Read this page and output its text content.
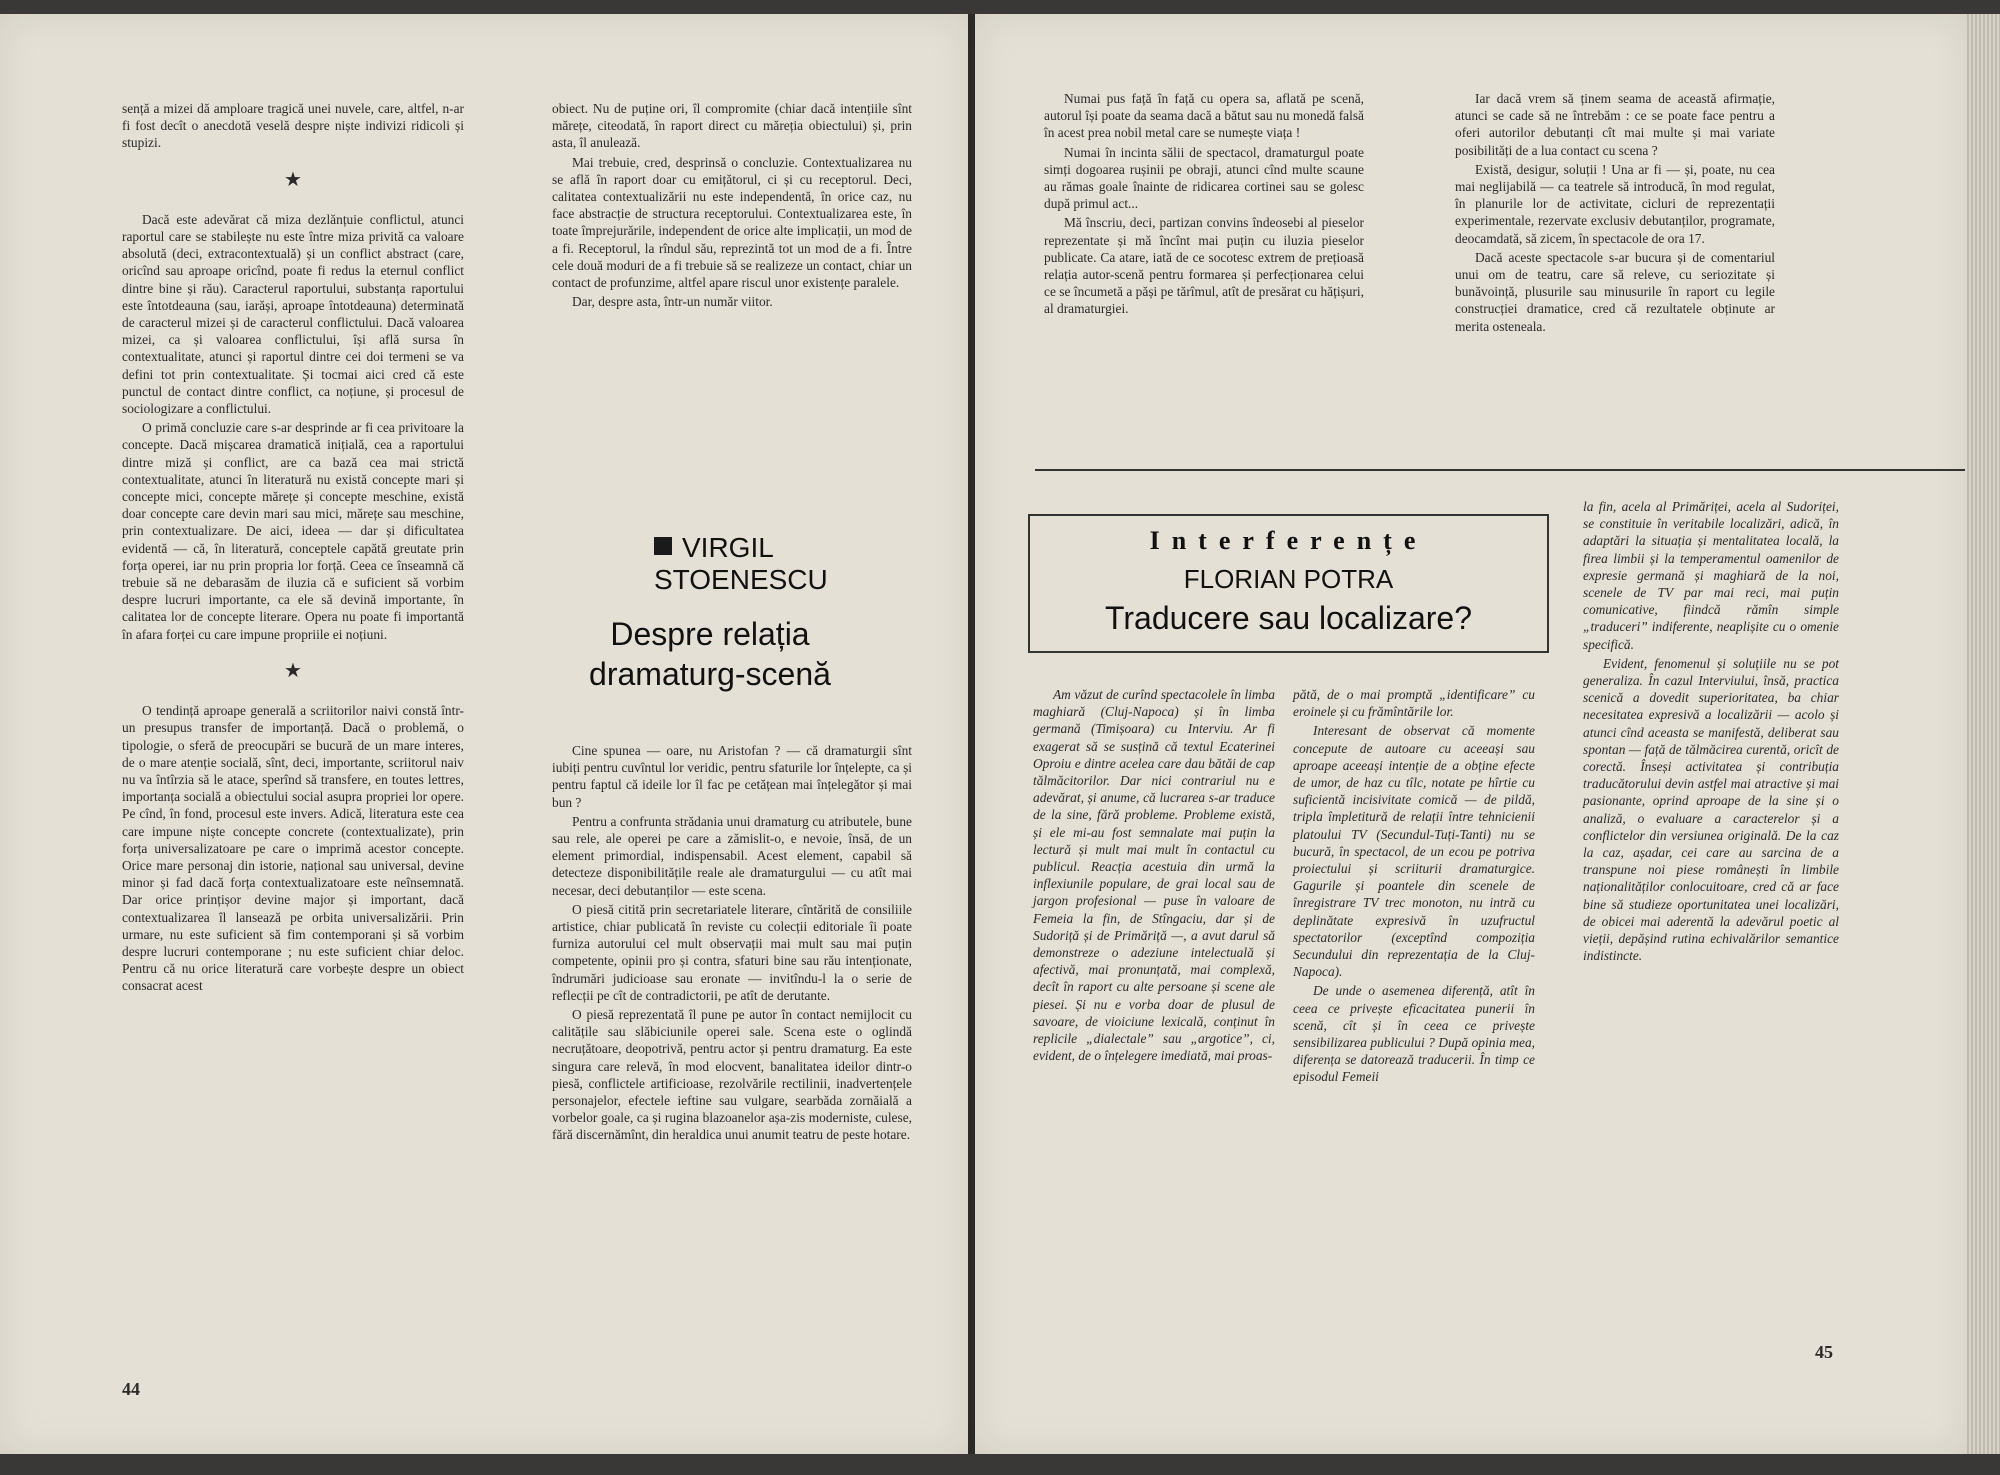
sență a mizei dă amploare tragică unei nuvele, care, altfel, n-ar fi fost decît o anecdotă veselă despre niște indivizi ridicoli și stupizi.

★

Dacă este adevărat că miza dezlănțuie conflictul, atunci raportul care se stabilește nu este între miza privită ca valoare absolută (deci, extracontextuală) și un conflict abstract (care, oricînd sau aproape oricînd, poate fi redus la eternul conflict dintre bine și rău). Caracterul raportului, substanța raportului este întotdeauna (sau, iarăși, aproape întotdeauna) determinată de caracterul mizei și de caracterul conflictului. Dacă valoarea mizei, ca și valoarea conflictului, își află sursa în contextualitate, atunci și raportul dintre cei doi termeni se va defini tot prin contextualitate. Și tocmai aici cred că este punctul de contact dintre conflict, ca noțiune, și procesul de sociologizare a conflictului.

O primă concluzie care s-ar desprinde ar fi cea privitoare la concepte. Dacă mișcarea dramatică inițială, cea a raportului dintre miză și conflict, are ca bază cea mai strictă contextualitate, atunci în literatură nu există concepte mari și concepte mici, concepte mărețe și concepte meschine, există doar concepte care devin mari sau mici, mărețe sau meschine, prin contextualizare. De aici, ideea — dar și dificultatea evidentă — că, în literatură, conceptele capătă greutate prin forța operei, iar nu prin propria lor forță. Ceea ce înseamnă că trebuie să ne debarasăm de iluzia că e suficient să vorbim despre lucruri importante, ca ele să devină importante, în calitatea lor de concepte literare. Opera nu poate fi importantă în afara forței cu care impune propriile ei noțiuni.

★

O tendință aproape generală a scriitorilor naivi constă într-un presupus transfer de importanță. Dacă o problemă, o tipologie, o sferă de preocupări se bucură de un mare interes, de o mare atenție socială, sînt, deci, importante, scriitorul naiv nu va întîrzia să le atace, sperînd să transfere, en toutes lettres, importanța socială a obiectului social asupra propriei lor opere. Pe cînd, în fond, procesul este invers. Adică, literatura este cea care impune niște concepte concrete (contextualizate), prin forța universalizatoare pe care o imprimă acestor concepte. Orice mare personaj din istorie, național sau universal, devine minor și fad dacă forța contextualizatoare este neînsemnată. Dar orice prințișor devine major și important, dacă contextualizarea îl lansează pe orbita universalizării. Prin urmare, nu este suficient să fim contemporani și să vorbim despre lucruri contemporane ; nu este suficient chiar deloc. Pentru că nu orice literatură care vorbește despre un obiect consacrat acest

obiect. Nu de puține ori, îl compromite (chiar dacă intențiile sînt mărețe, citeodată, în raport direct cu măreția obiectului) și, prin asta, îl anulează.

Mai trebuie, cred, desprinsă o concluzie. Contextualizarea nu se află în raport doar cu emițătorul, ci și cu receptorul. Deci, calitatea contextualizării nu este independentă, în orice caz, nu face abstracție de structura receptorului. Contextualizarea este, în toate împrejurările, independent de orice alte implicații, un mod de a fi. Receptorul, la rîndul său, reprezintă tot un mod de a fi. Între cele două moduri de a fi trebuie să se realizeze un contact, chiar un contact de profunzime, altfel apare riscul unor existențe paralele.

Dar, despre asta, într-un număr viitor.

VIRGIL STOENESCU
Despre relația dramaturg-scenă

Cine spunea — oare, nu Aristofan ? — că dramaturgii sînt iubiți pentru cuvîntul lor veridic, pentru sfaturile lor înțelepte, ca și pentru faptul că ideile lor îl fac pe cetățean mai înțelegător și mai bun ?

Pentru a confrunta strădania unui dramaturg cu atributele, bune sau rele, ale operei pe care a zămislit-o, e nevoie, însă, de un element primordial, indispensabil. Acest element, capabil să detecteze disponibilitățile reale ale dramaturgului — cu atît mai necesar, deci debutanților — este scena.

O piesă citită prin secretariatele literare, cîntărită de consiliile artistice, chiar publicată în reviste cu colecții editoriale îi poate furniza autorului cel mult observații mai mult sau mai puțin competente, opinii pro și contra, sfaturi bine sau rău intenționate, îndrumări judicioase sau eronate — invitîndu-l la o serie de reflecții pe cît de contradictorii, pe atît de derutante.

O piesă reprezentată îl pune pe autor în contact nemijlocit cu calitățile sau slăbiciunile operei sale. Scena este o oglindă necruțătoare, deopotrivă, pentru actor și pentru dramaturg. Ea este singura care relevă, în mod elocvent, banalitatea ideilor dintr-o piesă, conflictele artificioase, rezolvările rectilinii, inadvertențele personajelor, efectele ieftine sau vulgare, searbăda zornăială a vorbelor goale, ca și rugina blazoanelor așa-zis moderniste, culese, fără discernămînt, din heraldica unui anumit teatru de peste hotare.

44

Numai pus față în față cu opera sa, aflată pe scenă, autorul își poate da seama dacă a bătut sau nu monedă falsă în acest prea nobil metal care se numește viața !

Numai în incinta sălii de spectacol, dramaturgul poate simți dogoarea rușinii pe obraji, atunci cînd multe scaune au rămas goale înainte de ridicarea cortinei sau se golesc după primul act...

Mă înscriu, deci, partizan convins îndeosebi al pieselor reprezentate și mă încînt mai puțin cu iluzia pieselor publicate. Ca atare, iată de ce socotesc extrem de prețioasă relația autor-scenă pentru formarea și perfecționarea celui ce se încumetă a păși pe tărîmul, atît de presărat cu hățișuri, al dramaturgiei.

Iar dacă vrem să ținem seama de această afirmație, atunci se cade să ne întrebăm : ce se poate face pentru a oferi autorilor debutanți cît mai multe și mai variate posibilități de a lua contact cu scena ?

Există, desigur, soluții ! Una ar fi — și, poate, nu cea mai neglijabilă — ca teatrele să introducă, în mod regulat, în planurile lor de activitate, cicluri de reprezentații experimentale, rezervate exclusiv debutanților, programate, deocamdată, să zicem, în spectacole de ora 17.

Dacă aceste spectacole s-ar bucura și de comentariul unui om de teatru, care să releve, cu seriozitate și bunăvoință, plusurile sau minusurile în raport cu legile construcției dramatice, cred că rezultatele obținute ar merita osteneala.

Interferențe
FLORIAN POTRA
Traducere sau localizare?

Am văzut de curînd spectacolele în limba maghiară (Cluj-Napoca) și în limba germană (Timișoara) cu Interviu. Ar fi exagerat să se susțină că textul Ecaterinei Oproiu e dintre acelea care dau bătăi de cap tălmăcitorilor. Dar nici contrariul nu e adevărat, și anume, că lucrarea s-ar traduce de la sine, fără probleme. Probleme există, și ele mi-au fost semnalate mai puțin la lectură și mult mai mult în contactul cu publicul. Reacția acestuia din urmă la inflexiunile populare, de grai local sau de jargon profesional — puse în valoare de Femeia la fin, de Stîngaciu, dar și de Sudoriță și de Primăriță —, a avut darul să demonstreze o adeziune intelectuală și afectivă, mai pronunțată, mai complexă, decît în raport cu alte persoane și scene ale piesei. Și nu e vorba doar de plusul de savoare, de vioiciune lexicală, conținut în replicile „dialectale” sau „argotice”, ci, evident, de o înțelegere imediată, mai proas-

pătă, de o mai promptă „identificare” cu eroinele și cu frămîntările lor.

Interesant de observat că momente concepute de autoare cu aceeași sau aproape aceeași intenție de a obține efecte de umor, de haz cu tîlc, notate pe hîrtie cu suficientă incisivitate comică — de pildă, tripla împletitură de relații între tehnicienii platoului TV (Secundul-Tuți-Tanti) nu se bucură, în spectacol, de un ecou pe potriva proiectului și scriiturii dramaturgice. Gagurile și poantele din scenele de înregistrare TV trec monoton, nu intră cu deplinătate expresivă în uzufructul spectatorilor (exceptînd compoziția Secundului din reprezentația de la Cluj-Napoca).

De unde o asemenea diferență, atît în ceea ce privește eficacitatea punerii în scenă, cît și în ceea ce privește sensibilizarea publicului ? După opinia mea, diferența se datorează traducerii. În timp ce episodul Femeii

la fin, acela al Primăriței, acela al Sudoriței, se constituie în veritabile localizări, adică, în adaptări la situația și mentalitatea locală, la firea limbii și la temperamentul oamenilor de expresie germană și maghiară de la noi, scenele de TV par mai reci, mai puțin comunicative, fiindcă rămîn simple „traduceri” indiferente, neaplișite cu o omenie specifică.

Evident, fenomenul și soluțiile nu se pot generaliza. În cazul Interviului, însă, practica scenică a dovedit superioritatea, ba chiar necesitatea expresivă a localizării — acolo și atunci cînd aceasta se manifestă, deliberat sau spontan — față de tălmăcirea curentă, oricît de corectă. Înseși activitatea și contribuția traducătorului devin astfel mai atractive și mai pasionante, oprind aproape de la sine și o analiză, o evaluare a caracterelor și a conflictelor din versiunea originală. De la caz la caz, așadar, cei care au sarcina de a transpune noi piese românești în limbile naționalităților conlocuitoare, cred că ar face bine să studieze oportunitatea unei localizări, de obicei mai aderentă la adevărul poetic al vieții, depășind rutina echivalărilor semantice indistincte.

45
